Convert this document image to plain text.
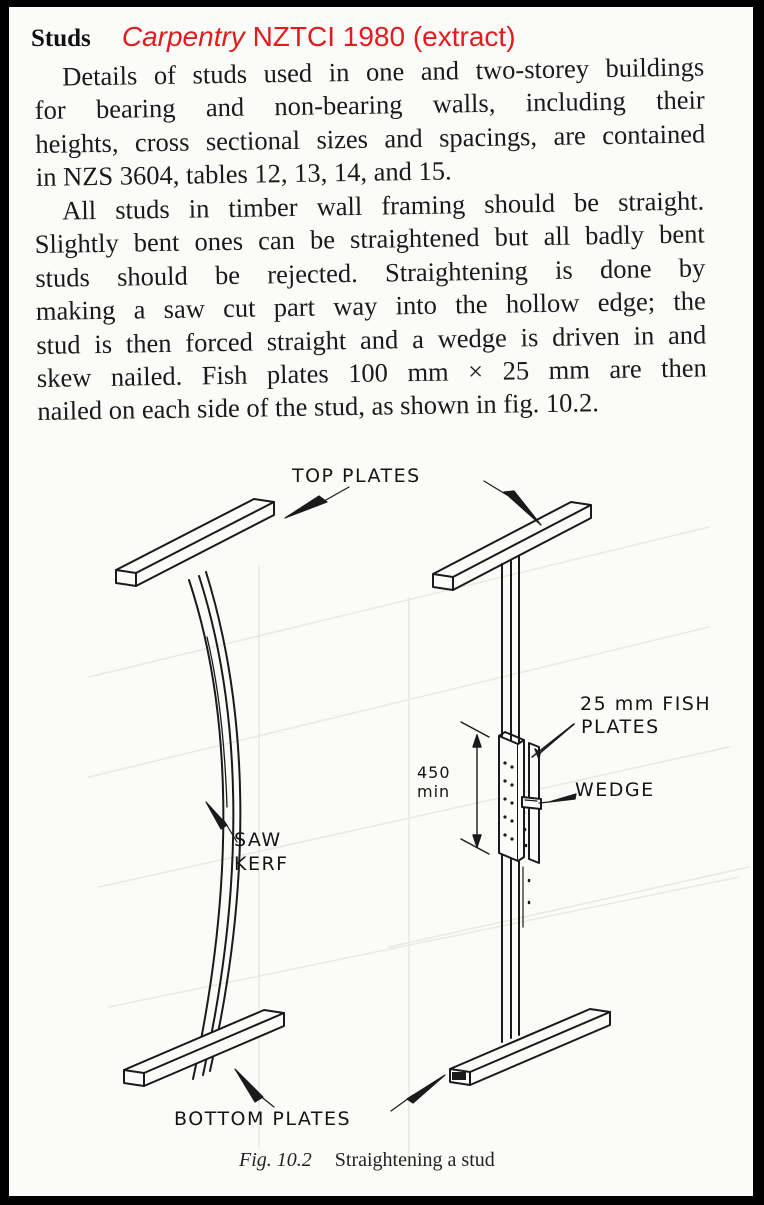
Studs Carpentry NZTCI 1980 (extract)
Details of studs used in one and two-storey buildings
for bearing and non-bearing walls, including their
heights, cross sectional sizes and spacings, are contained
in NZS 3604, tables 12, 13, 14, and 15.
All studs in timber wall framing should be straight.
Slightly bent ones can be straightened but all badly bent
studs should be rejected. Straightening is done by
making a saw cut part way into the hollow edge; the
stud is then forced straight and a wedge is driven in and
skew nailed. Fish plates 100 mm × 25 mm are then
nailed on each side of the stud, as shown in fig. 10.2.
TOP PLATES
25 mm FISH
PLATES
450
min	WEDGE
SAW
KERF
BOTTOM PLATES
Fig. 10.2 Straightening a stud
